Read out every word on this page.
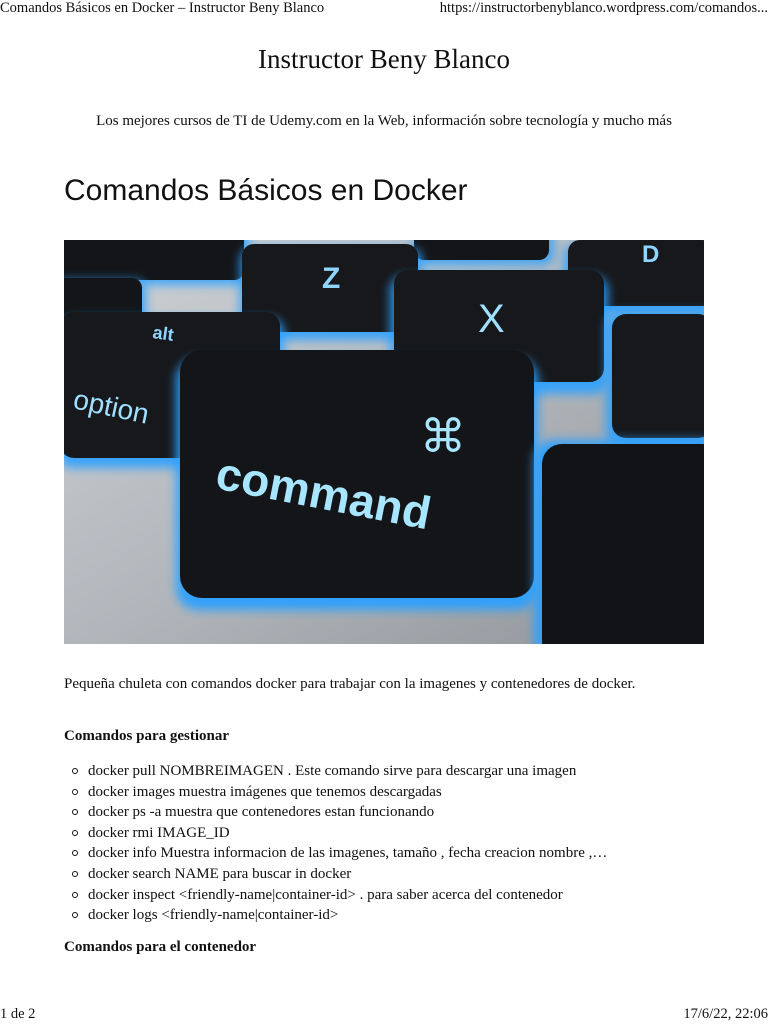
Comandos Básicos en Docker – Instructor Beny Blanco	https://instructorbenyblanco.wordpress.com/comandos...
Instructor Beny Blanco
Los mejores cursos de TI de Udemy.com en la Web, información sobre tecnología y mucho más
Comandos Básicos en Docker
Z
D
X
alt
option
⌘
command

Pequeña chuleta con comandos docker para trabajar con la imagenes y contenedores de docker.

Comandos para gestionar

docker pull NOMBREIMAGEN . Este comando sirve para descargar una imagen
docker images muestra imágenes que tenemos descargadas
docker ps -a muestra que contenedores estan funcionando
docker rmi IMAGE_ID
docker info Muestra informacion de las imagenes, tamaño , fecha creacion nombre ,…
docker search NAME para buscar in docker
docker inspect <friendly-name|container-id> . para saber acerca del contenedor
docker logs <friendly-name|container-id>

Comandos para el contenedor

1 de 2	17/6/22, 22:06
